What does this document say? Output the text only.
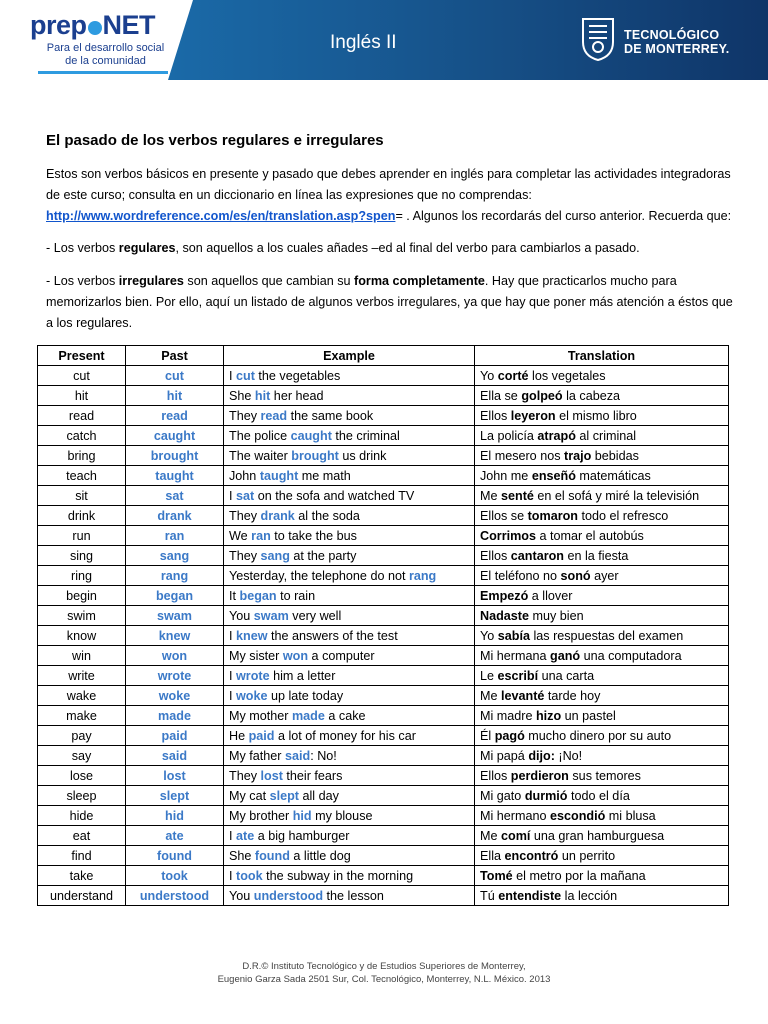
prep NET
Para el desarrollo social
de la comunidad
Inglés II	TECNOLÓGICO
DE MONTERREY.
El pasado de los verbos regulares e irregulares
Estos son verbos básicos en presente y pasado que debes aprender en inglés para completar las actividades integradoras de este curso; consulta en un diccionario en línea las expresiones que no comprendas: http://www.wordreference.com/es/en/translation.asp?spen= . Algunos los recordarás del curso anterior. Recuerda que:
- Los verbos regulares, son aquellos a los cuales añades –ed al final del verbo para cambiarlos a pasado.
- Los verbos irregulares son aquellos que cambian su forma completamente. Hay que practicarlos mucho para memorizarlos bien. Por ello, aquí un listado de algunos verbos irregulares, ya que hay que poner más atención a éstos que a los regulares.
Present	Past	Example	Translation
cut	cut	I cut the vegetables	Yo corté los vegetales
hit	hit	She hit her head	Ella se golpeó la cabeza
read	read	They read the same book	Ellos leyeron el mismo libro
catch	caught	The police caught the criminal	La policía atrapó al criminal
bring	brought	The waiter brought us drink	El mesero nos trajo bebidas
teach	taught	John taught me math	John me enseñó matemáticas
sit	sat	I sat on the sofa and watched TV	Me senté en el sofá y miré la televisión
drink	drank	They drank al the soda	Ellos se tomaron todo el refresco
run	ran	We ran to take the bus	Corrimos a tomar el autobús
sing	sang	They sang at the party	Ellos cantaron en la fiesta
ring	rang	Yesterday, the telephone do not rang	El teléfono no sonó ayer
begin	began	It began to rain	Empezó a llover
swim	swam	You swam very well	Nadaste muy bien
know	knew	I knew the answers of the test	Yo sabía las respuestas del examen
win	won	My sister won a computer	Mi hermana ganó una computadora
write	wrote	I wrote him a letter	Le escribí una carta
wake	woke	I woke up late today	Me levanté tarde hoy
make	made	My mother made a cake	Mi madre hizo un pastel
pay	paid	He paid a lot of money for his car	Él pagó mucho dinero por su auto
say	said	My father said: No!	Mi papá dijo: ¡No!
lose	lost	They lost their fears	Ellos perdieron sus temores
sleep	slept	My cat slept all day	Mi gato durmió todo el día
hide	hid	My brother hid my blouse	Mi hermano escondió mi blusa
eat	ate	I ate a big hamburger	Me comí una gran hamburguesa
find	found	She found a little dog	Ella encontró un perrito
take	took	I took the subway in the morning	Tomé el metro por la mañana
understand	understood	You understood the lesson	Tú entendiste la lección
D.R.© Instituto Tecnológico y de Estudios Superiores de Monterrey,
Eugenio Garza Sada 2501 Sur, Col. Tecnológico, Monterrey, N.L. México. 2013
